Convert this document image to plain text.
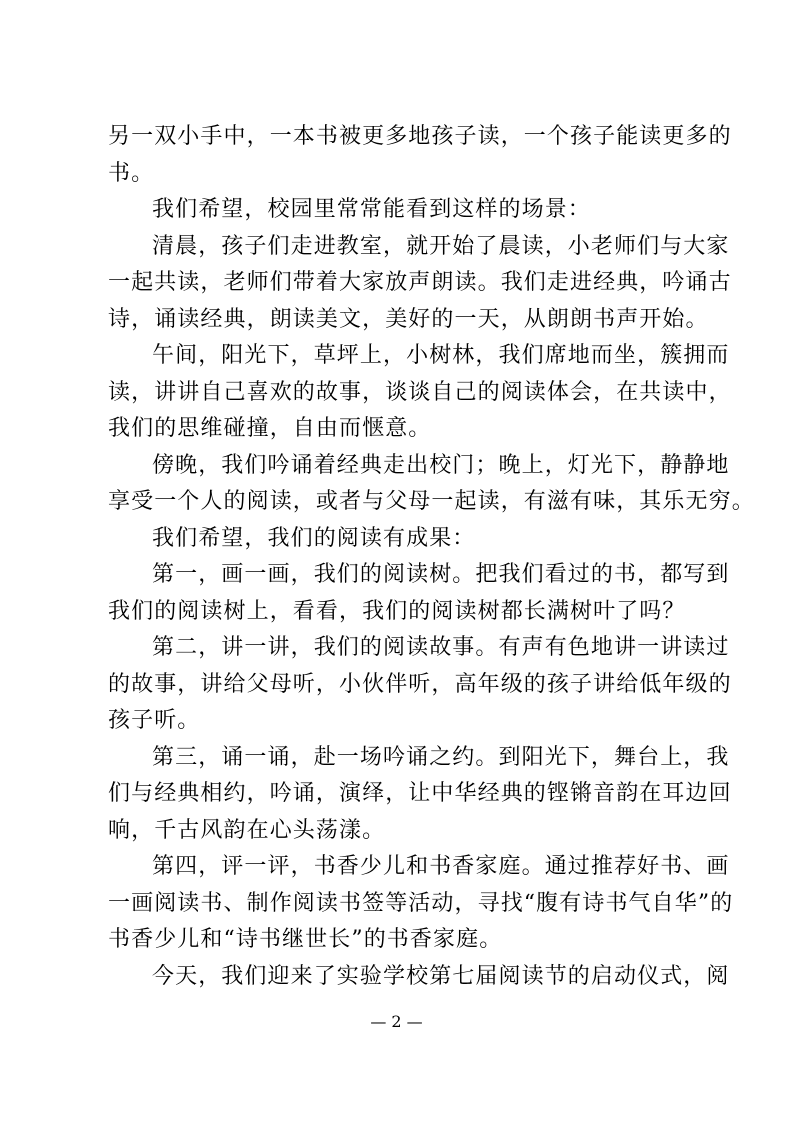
另一双小手中，一本书被更多地孩子读，一个孩子能读更多的
书。
我们希望，校园里常常能看到这样的场景：
清晨，孩子们走进教室，就开始了晨读，小老师们与大家
一起共读，老师们带着大家放声朗读。我们走进经典，吟诵古
诗，诵读经典，朗读美文，美好的一天，从朗朗书声开始。
午间，阳光下，草坪上，小树林，我们席地而坐，簇拥而
读，讲讲自己喜欢的故事，谈谈自己的阅读体会，在共读中，
我们的思维碰撞，自由而惬意。
傍晚，我们吟诵着经典走出校门；晚上，灯光下，静静地
享受一个人的阅读，或者与父母一起读，有滋有味，其乐无穷。
我们希望，我们的阅读有成果：
第一，画一画，我们的阅读树。把我们看过的书，都写到
我们的阅读树上，看看，我们的阅读树都长满树叶了吗？
第二，讲一讲，我们的阅读故事。有声有色地讲一讲读过
的故事，讲给父母听，小伙伴听，高年级的孩子讲给低年级的
孩子听。
第三，诵一诵，赴一场吟诵之约。到阳光下，舞台上，我
们与经典相约，吟诵，演绎，让中华经典的铿锵音韵在耳边回
响，千古风韵在心头荡漾。
第四，评一评，书香少儿和书香家庭。通过推荐好书、画
一画阅读书、制作阅读书签等活动，寻找“腹有诗书气自华”的
书香少儿和“诗书继世长”的书香家庭。
今天，我们迎来了实验学校第七届阅读节的启动仪式，阅
— 2 —
